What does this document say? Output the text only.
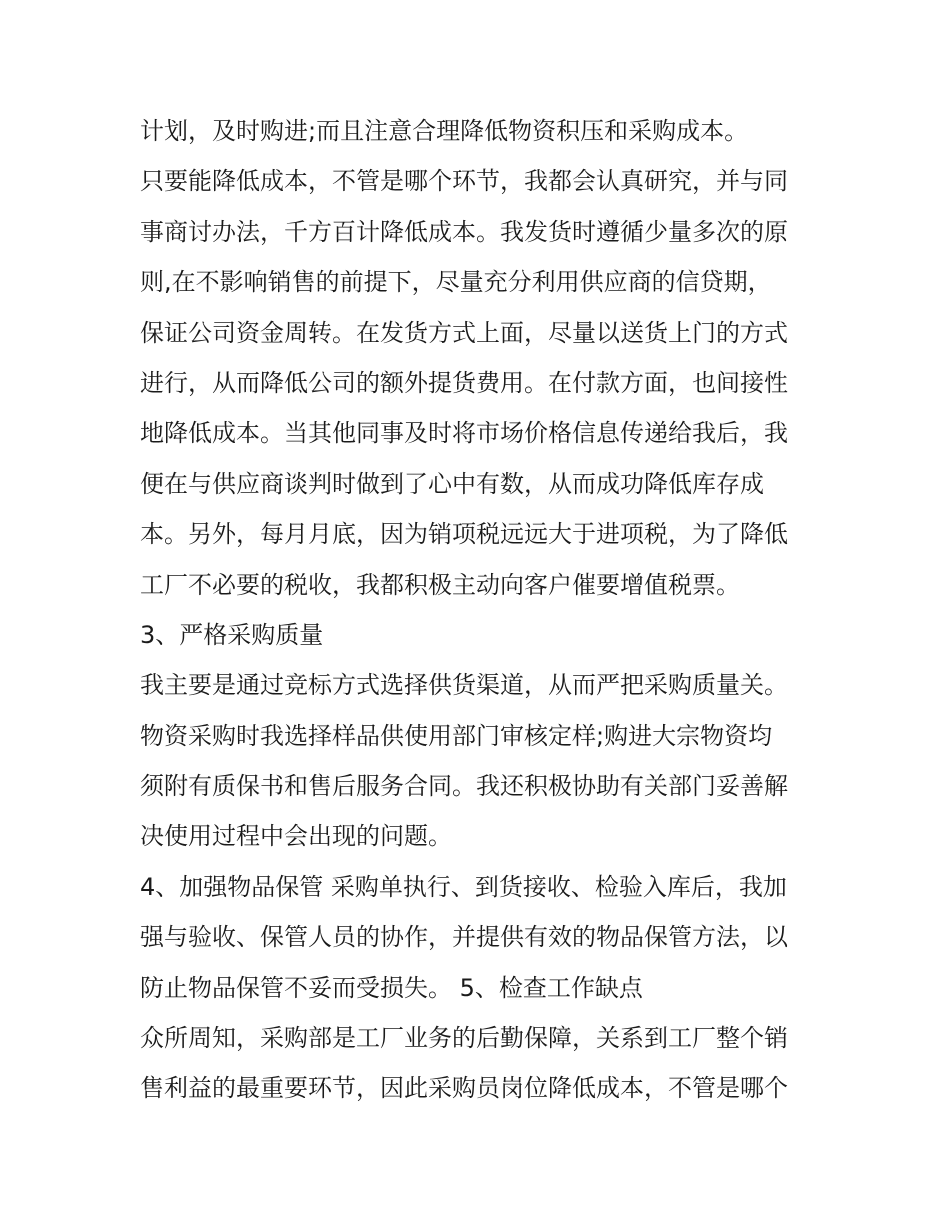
计划，及时购进;而且注意合理降低物资积压和采购成本。
只要能降低成本，不管是哪个环节，我都会认真研究，并与同
事商讨办法，千方百计降低成本。我发货时遵循少量多次的原
则,在不影响销售的前提下，尽量充分利用供应商的信贷期，
保证公司资金周转。在发货方式上面，尽量以送货上门的方式
进行，从而降低公司的额外提货费用。在付款方面，也间接性
地降低成本。当其他同事及时将市场价格信息传递给我后，我
便在与供应商谈判时做到了心中有数，从而成功降低库存成
本。另外，每月月底，因为销项税远远大于进项税，为了降低
工厂不必要的税收，我都积极主动向客户催要增值税票。
3、严格采购质量
我主要是通过竞标方式选择供货渠道，从而严把采购质量关。
物资采购时我选择样品供使用部门审核定样;购进大宗物资均
须附有质保书和售后服务合同。我还积极协助有关部门妥善解
决使用过程中会出现的问题。
4、加强物品保管 采购单执行、到货接收、检验入库后，我加
强与验收、保管人员的协作，并提供有效的物品保管方法，以
防止物品保管不妥而受损失。 5、检查工作缺点
众所周知，采购部是工厂业务的后勤保障，关系到工厂整个销
售利益的最重要环节，因此采购员岗位降低成本，不管是哪个
